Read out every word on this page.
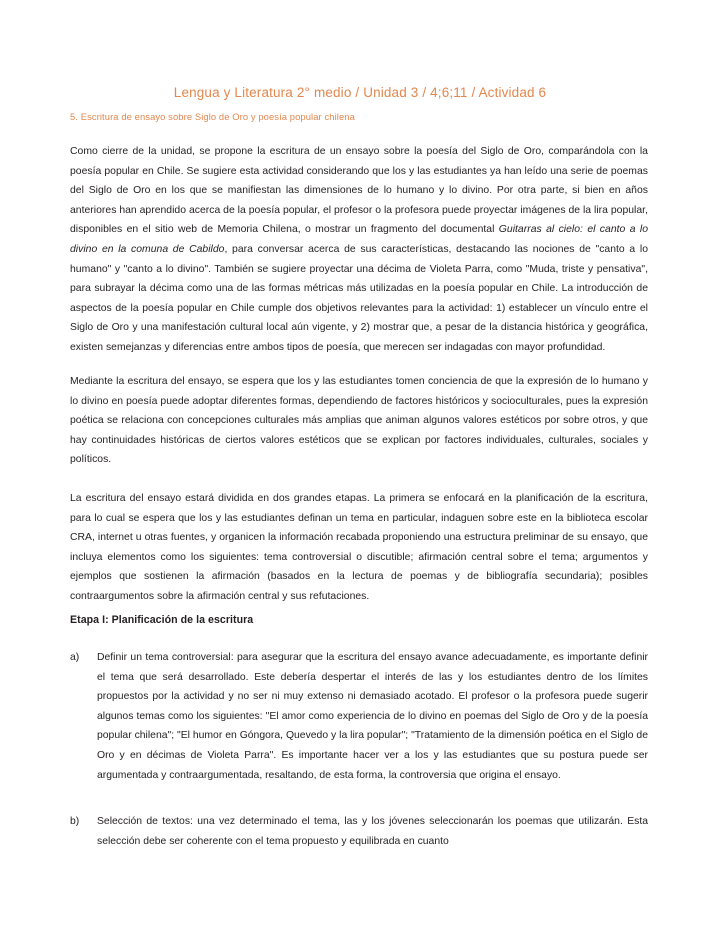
Lengua y Literatura 2° medio / Unidad 3 / 4;6;11 / Actividad 6
5. Escritura de ensayo sobre Siglo de Oro y poesía popular chilena

Como cierre de la unidad, se propone la escritura de un ensayo sobre la poesía del Siglo de Oro, comparándola con la poesía popular en Chile. Se sugiere esta actividad considerando que los y las estudiantes ya han leído una serie de poemas del Siglo de Oro en los que se manifiestan las dimensiones de lo humano y lo divino. Por otra parte, si bien en años anteriores han aprendido acerca de la poesía popular, el profesor o la profesora puede proyectar imágenes de la lira popular, disponibles en el sitio web de Memoria Chilena, o mostrar un fragmento del documental Guitarras al cielo: el canto a lo divino en la comuna de Cabildo, para conversar acerca de sus características, destacando las nociones de "canto a lo humano" y "canto a lo divino". También se sugiere proyectar una décima de Violeta Parra, como "Muda, triste y pensativa", para subrayar la décima como una de las formas métricas más utilizadas en la poesía popular en Chile. La introducción de aspectos de la poesía popular en Chile cumple dos objetivos relevantes para la actividad: 1) establecer un vínculo entre el Siglo de Oro y una manifestación cultural local aún vigente, y 2) mostrar que, a pesar de la distancia histórica y geográfica, existen semejanzas y diferencias entre ambos tipos de poesía, que merecen ser indagadas con mayor profundidad.

Mediante la escritura del ensayo, se espera que los y las estudiantes tomen conciencia de que la expresión de lo humano y lo divino en poesía puede adoptar diferentes formas, dependiendo de factores históricos y socioculturales, pues la expresión poética se relaciona con concepciones culturales más amplias que animan algunos valores estéticos por sobre otros, y que hay continuidades históricas de ciertos valores estéticos que se explican por factores individuales, culturales, sociales y políticos.

La escritura del ensayo estará dividida en dos grandes etapas. La primera se enfocará en la planificación de la escritura, para lo cual se espera que los y las estudiantes definan un tema en particular, indaguen sobre este en la biblioteca escolar CRA, internet u otras fuentes, y organicen la información recabada proponiendo una estructura preliminar de su ensayo, que incluya elementos como los siguientes: tema controversial o discutible; afirmación central sobre el tema; argumentos y ejemplos que sostienen la afirmación (basados en la lectura de poemas y de bibliografía secundaria); posibles contraargumentos sobre la afirmación central y sus refutaciones.

Etapa I: Planificación de la escritura
a)	Definir un tema controversial: para asegurar que la escritura del ensayo avance adecuadamente, es importante definir el tema que será desarrollado. Este debería despertar el interés de las y los estudiantes dentro de los límites propuestos por la actividad y no ser ni muy extenso ni demasiado acotado. El profesor o la profesora puede sugerir algunos temas como los siguientes: "El amor como experiencia de lo divino en poemas del Siglo de Oro y de la poesía popular chilena"; "El humor en Góngora, Quevedo y la lira popular"; "Tratamiento de la dimensión poética en el Siglo de Oro y en décimas de Violeta Parra". Es importante hacer ver a los y las estudiantes que su postura puede ser argumentada y contraargumentada, resaltando, de esta forma, la controversia que origina el ensayo.
b)	Selección de textos: una vez determinado el tema, las y los jóvenes seleccionarán los poemas que utilizarán. Esta selección debe ser coherente con el tema propuesto y equilibrada en cuanto
